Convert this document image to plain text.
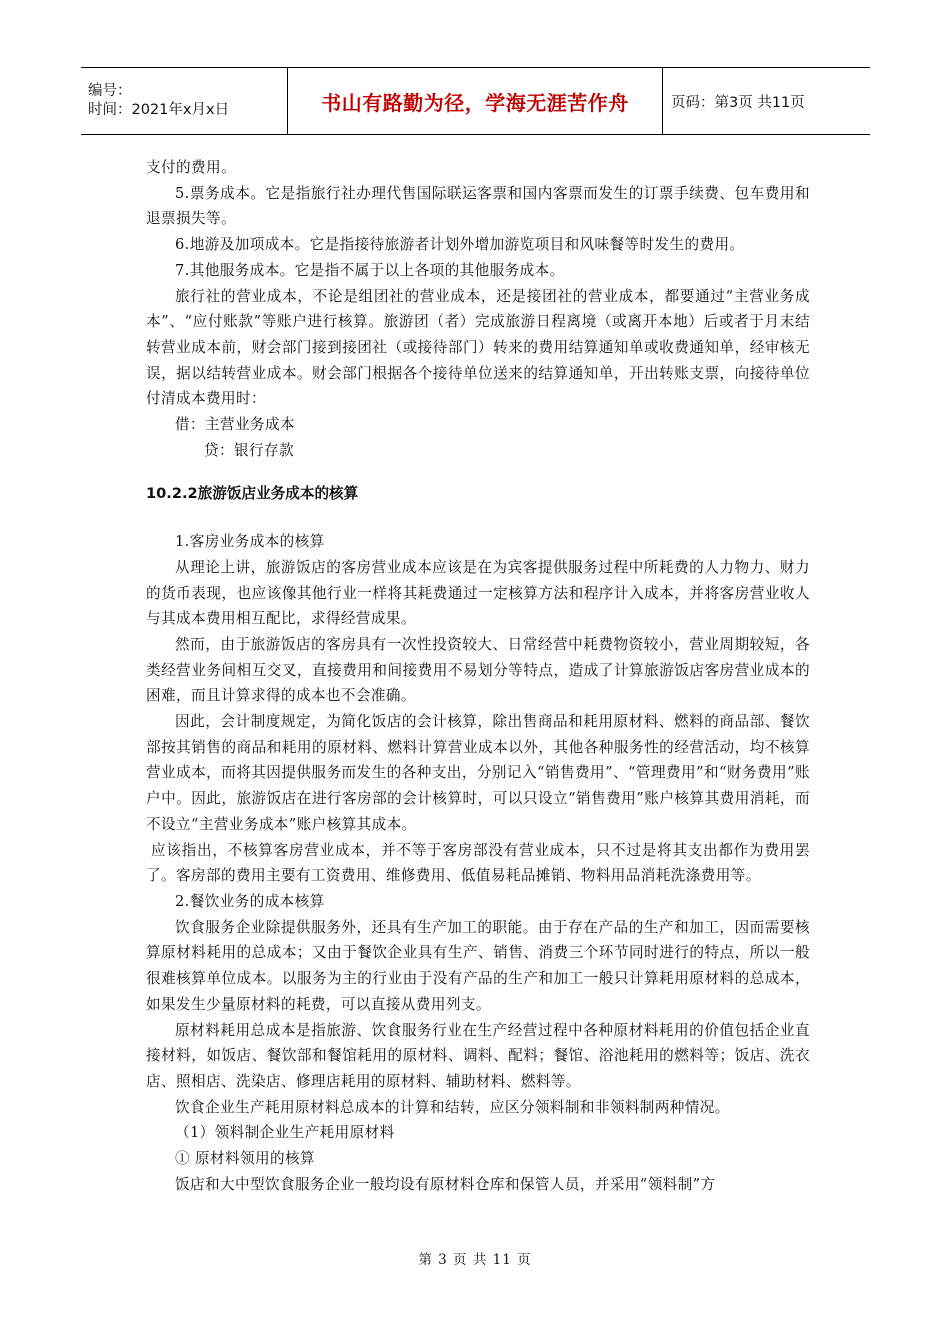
编号：
时间：2021年x月x日	书山有路勤为径，学海无涯苦作舟	页码：第3页 共11页

支付的费用。

5.票务成本。它是指旅行社办理代售国际联运客票和国内客票而发生的订票手续费、包车费用和退票损失等。

6.地游及加项成本。它是指接待旅游者计划外增加游览项目和风味餐等时发生的费用。

7.其他服务成本。它是指不属于以上各项的其他服务成本。

旅行社的营业成本，不论是组团社的营业成本，还是接团社的营业成本，都要通过“主营业务成本”、“应付账款”等账户进行核算。旅游团（者）完成旅游日程离境（或离开本地）后或者于月末结转营业成本前，财会部门接到接团社（或接待部门）转来的费用结算通知单或收费通知单，经审核无误，据以结转营业成本。财会部门根据各个接待单位送来的结算通知单，开出转账支票，向接待单位付清成本费用时：

借：主营业务成本

贷：银行存款

10.2.2旅游饭店业务成本的核算

1.客房业务成本的核算

从理论上讲，旅游饭店的客房营业成本应该是在为宾客提供服务过程中所耗费的人力物力、财力的货币表现，也应该像其他行业一样将其耗费通过一定核算方法和程序计入成本，并将客房营业收人与其成本费用相互配比，求得经营成果。

然而，由于旅游饭店的客房具有一次性投资较大、日常经营中耗费物资较小，营业周期较短，各类经营业务间相互交叉，直接费用和间接费用不易划分等特点，造成了计算旅游饭店客房营业成本的困难，而且计算求得的成本也不会准确。

因此，会计制度规定，为简化饭店的会计核算，除出售商品和耗用原材料、燃料的商品部、餐饮部按其销售的商品和耗用的原材料、燃料计算营业成本以外，其他各种服务性的经营活动，均不核算营业成本，而将其因提供服务而发生的各种支出，分别记入“销售费用”、“管理费用”和“财务费用”账户中。因此，旅游饭店在进行客房部的会计核算时，可以只设立“销售费用”账户核算其费用消耗，而不设立“主营业务成本”账户核算其成本。

应该指出，不核算客房营业成本，并不等于客房部没有营业成本，只不过是将其支出都作为费用罢了。客房部的费用主要有工资费用、维修费用、低值易耗品摊销、物料用品消耗洗涤费用等。

2.餐饮业务的成本核算

饮食服务企业除提供服务外，还具有生产加工的职能。由于存在产品的生产和加工，因而需要核算原材料耗用的总成本；又由于餐饮企业具有生产、销售、消费三个环节同时进行的特点，所以一般很难核算单位成本。以服务为主的行业由于没有产品的生产和加工一般只计算耗用原材料的总成本，如果发生少量原材料的耗费，可以直接从费用列支。

原材料耗用总成本是指旅游、饮食服务行业在生产经营过程中各种原材料耗用的价值包括企业直接材料，如饭店、餐饮部和餐馆耗用的原材料、调料、配料；餐馆、浴池耗用的燃料等；饭店、洗衣店、照相店、洗染店、修理店耗用的原材料、辅助材料、燃料等。

饮食企业生产耗用原材料总成本的计算和结转，应区分领料制和非领料制两种情况。

（1）领料制企业生产耗用原材料

① 原材料领用的核算

饭店和大中型饮食服务企业一般均设有原材料仓库和保管人员，并采用“领料制”方

第 3 页 共 11 页
